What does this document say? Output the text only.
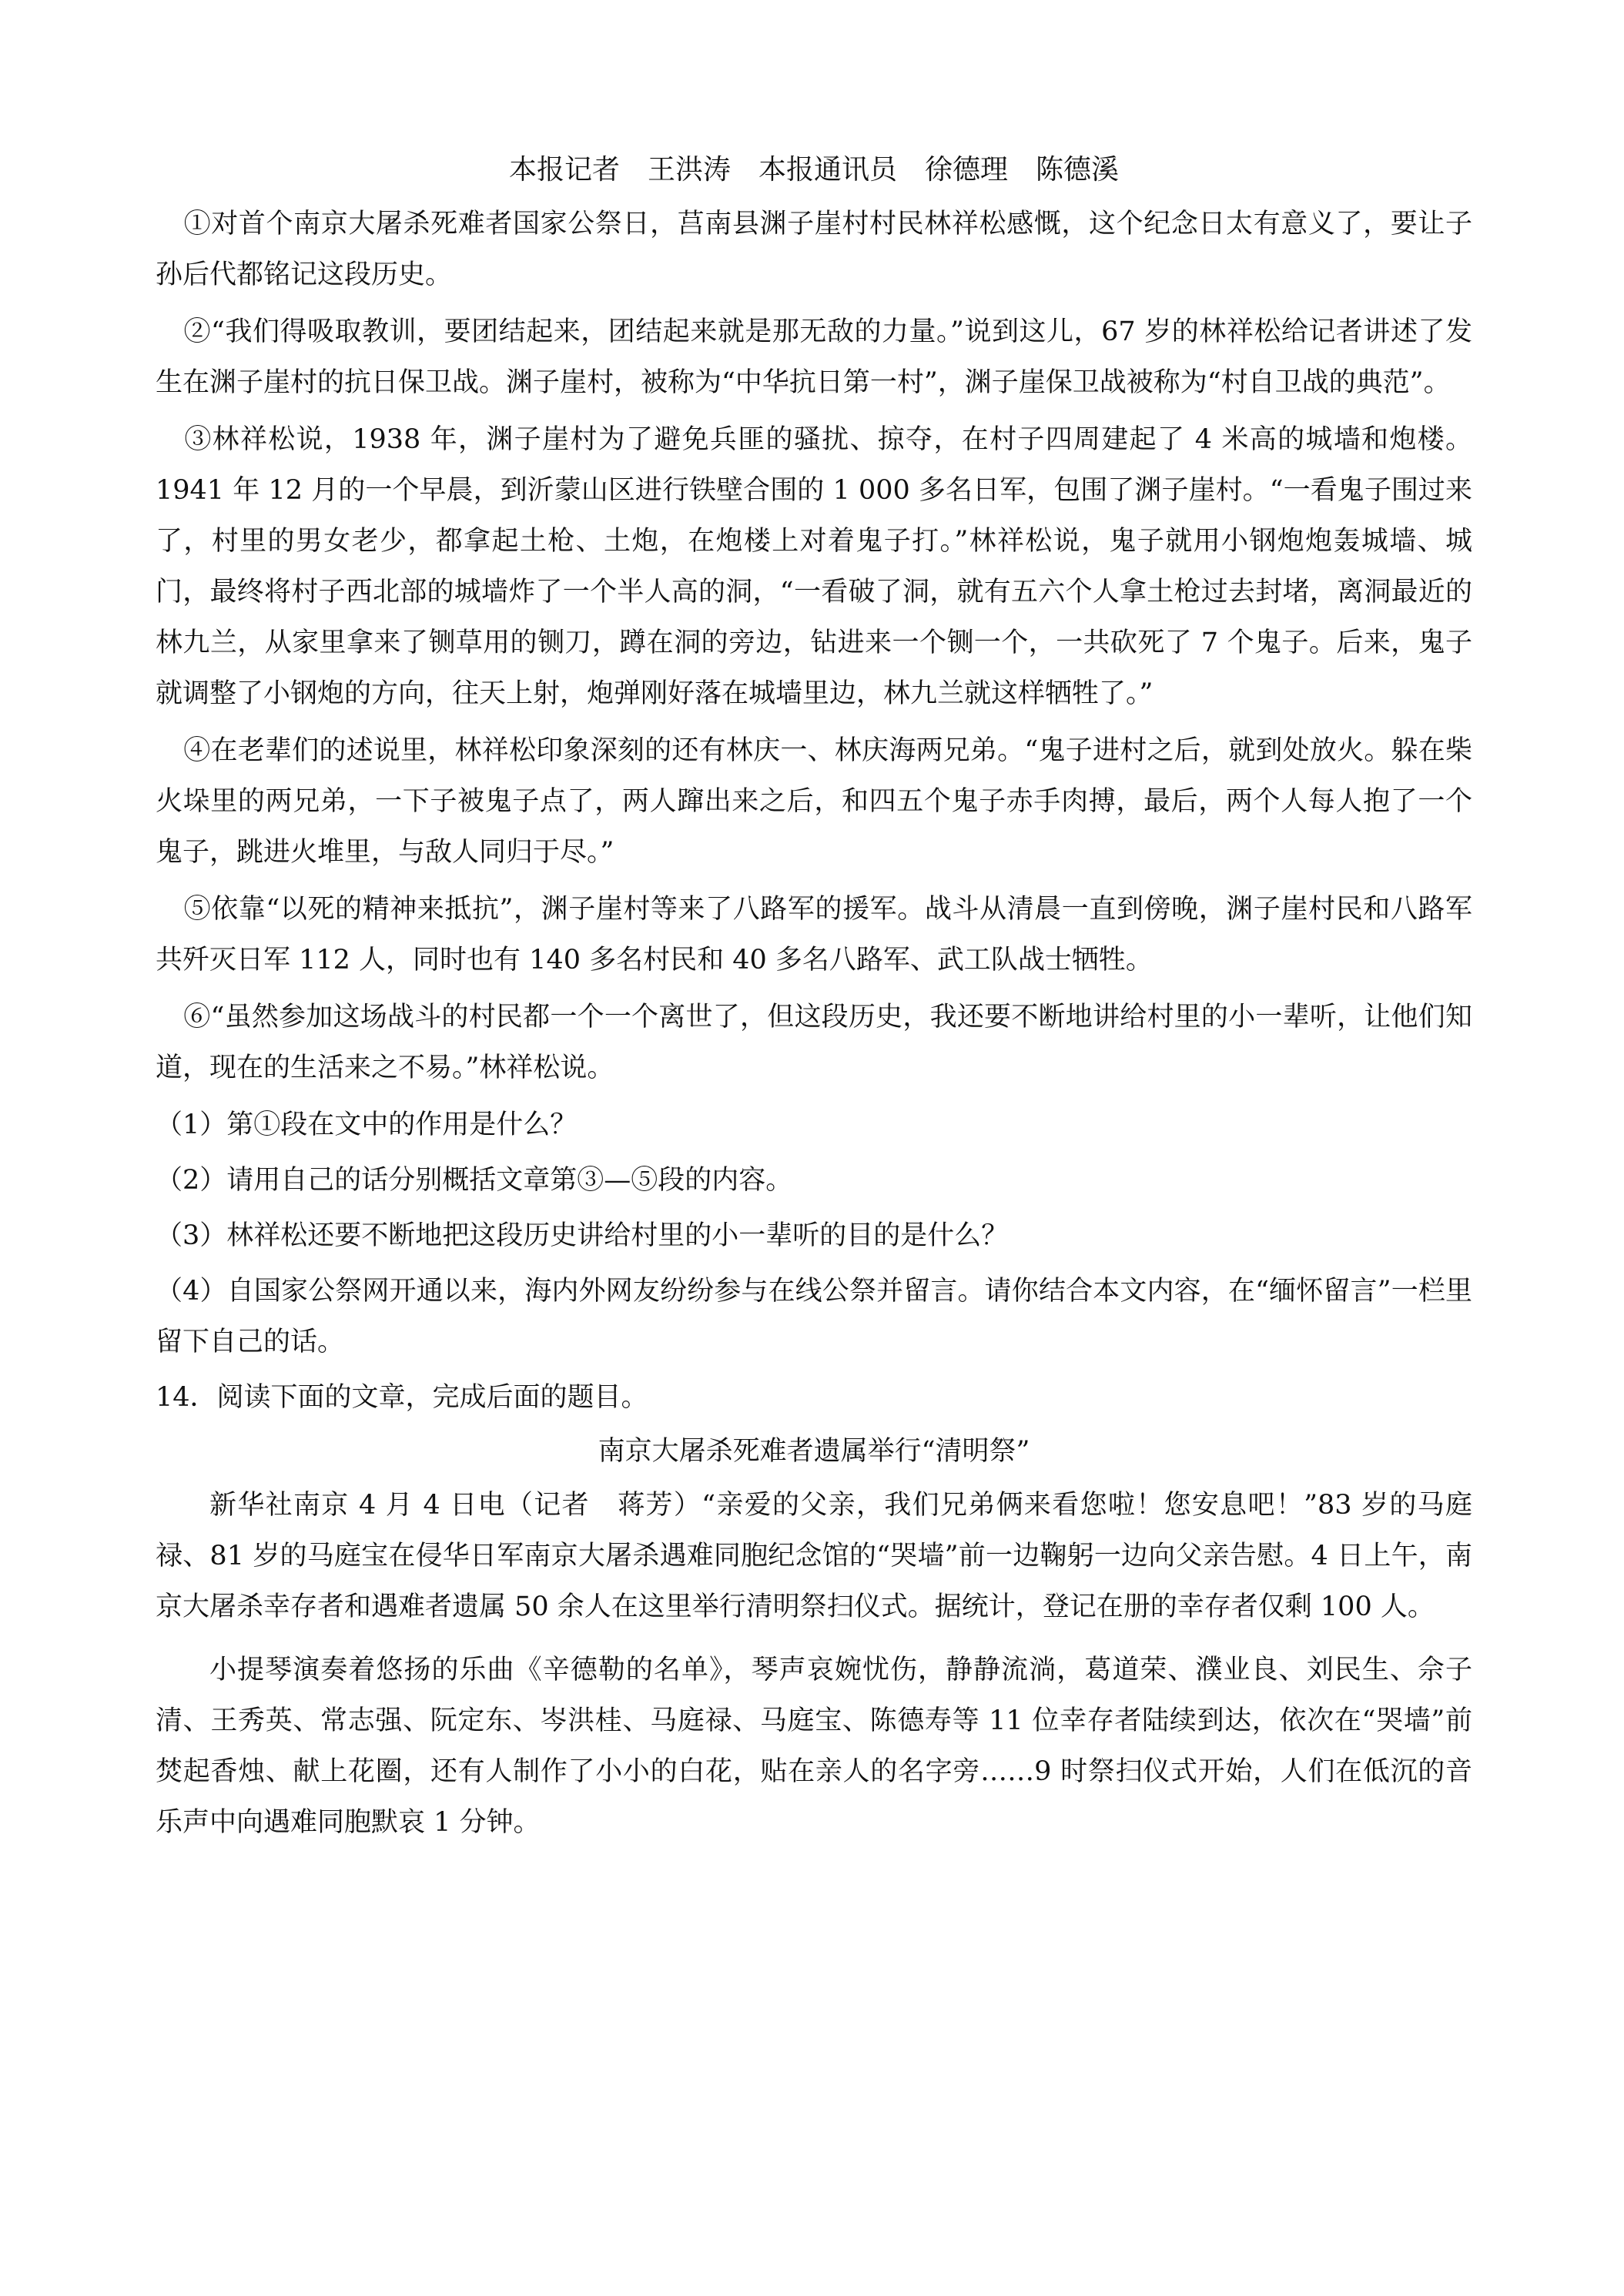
本报记者　王洪涛　本报通讯员　徐德理　陈德溪

①对首个南京大屠杀死难者国家公祭日，莒南县渊子崖村村民林祥松感慨，这个纪念日太有意义了，要让子孙后代都铭记这段历史。

②“我们得吸取教训，要团结起来，团结起来就是那无敌的力量。”说到这儿，67 岁的林祥松给记者讲述了发生在渊子崖村的抗日保卫战。渊子崖村，被称为“中华抗日第一村”，渊子崖保卫战被称为“村自卫战的典范”。

③林祥松说，1938 年，渊子崖村为了避免兵匪的骚扰、掠夺，在村子四周建起了 4 米高的城墙和炮楼。1941 年 12 月的一个早晨，到沂蒙山区进行铁壁合围的 1 000 多名日军，包围了渊子崖村。“一看鬼子围过来了，村里的男女老少，都拿起土枪、土炮，在炮楼上对着鬼子打。”林祥松说，鬼子就用小钢炮炮轰城墙、城门，最终将村子西北部的城墙炸了一个半人高的洞，“一看破了洞，就有五六个人拿土枪过去封堵，离洞最近的林九兰，从家里拿来了铡草用的铡刀，蹲在洞的旁边，钻进来一个铡一个，一共砍死了 7 个鬼子。后来，鬼子就调整了小钢炮的方向，往天上射，炮弹刚好落在城墙里边，林九兰就这样牺牲了。”

④在老辈们的述说里，林祥松印象深刻的还有林庆一、林庆海两兄弟。“鬼子进村之后，就到处放火。躲在柴火垛里的两兄弟，一下子被鬼子点了，两人蹿出来之后，和四五个鬼子赤手肉搏，最后，两个人每人抱了一个鬼子，跳进火堆里，与敌人同归于尽。”

⑤依靠“以死的精神来抵抗”，渊子崖村等来了八路军的援军。战斗从清晨一直到傍晚，渊子崖村民和八路军共歼灭日军 112 人，同时也有 140 多名村民和 40 多名八路军、武工队战士牺牲。

⑥“虽然参加这场战斗的村民都一个一个离世了，但这段历史，我还要不断地讲给村里的小一辈听，让他们知道，现在的生活来之不易。”林祥松说。

（1）第①段在文中的作用是什么？

（2）请用自己的话分别概括文章第③—⑤段的内容。

（3）林祥松还要不断地把这段历史讲给村里的小一辈听的目的是什么？

（4）自国家公祭网开通以来，海内外网友纷纷参与在线公祭并留言。请你结合本文内容，在“缅怀留言”一栏里留下自己的话。

14．阅读下面的文章，完成后面的题目。

南京大屠杀死难者遗属举行“清明祭”

新华社南京 4 月 4 日电（记者　蒋芳）“亲爱的父亲，我们兄弟俩来看您啦！您安息吧！”83 岁的马庭禄、81 岁的马庭宝在侵华日军南京大屠杀遇难同胞纪念馆的“哭墙”前一边鞠躬一边向父亲告慰。4 日上午，南京大屠杀幸存者和遇难者遗属 50 余人在这里举行清明祭扫仪式。据统计，登记在册的幸存者仅剩 100 人。

小提琴演奏着悠扬的乐曲《辛德勒的名单》，琴声哀婉忧伤，静静流淌，葛道荣、濮业良、刘民生、佘子清、王秀英、常志强、阮定东、岑洪桂、马庭禄、马庭宝、陈德寿等 11 位幸存者陆续到达，依次在“哭墙”前焚起香烛、献上花圈，还有人制作了小小的白花，贴在亲人的名字旁……9 时祭扫仪式开始，人们在低沉的音乐声中向遇难同胞默哀 1 分钟。
